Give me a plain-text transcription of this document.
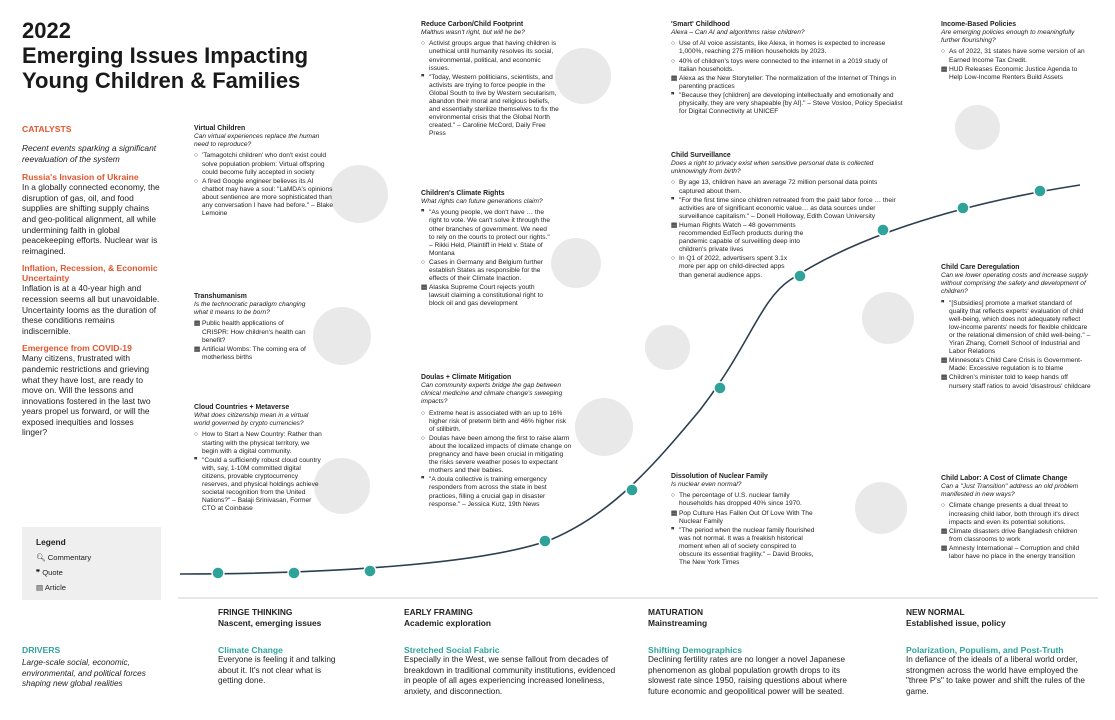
2022
Emerging Issues Impacting
Young Children & Families
CATALYSTS
Recent events sparking a significant reevaluation of the system
Russia's Invasion of Ukraine
In a globally connected economy, the disruption of gas, oil, and food supplies are shifting supply chains and geo-political alignment, all while undermining faith in global peacekeeping efforts. Nuclear war is reimagined.
Inflation, Recession, & Economic Uncertainty
Inflation is at a 40-year high and recession seems all but unavoidable. Uncertainty looms as the duration of these conditions remains indiscernible.
Emergence from COVID-19
Many citizens, frustrated with pandemic restrictions and grieving what they have lost, are ready to move on. Will the lessons and innovations fostered in the last two years propel us forward, or will the exposed inequities and losses linger?
Legend
🔍︎ Commentary
❞ Quote
▤ Article
Virtual Children
Can virtual experiences replace the human need to reproduce?
○ 'Tamagotchi children' who don't exist could solve population problem: Virtual offspring could become fully accepted in society
○ A fired Google engineer believes its AI chatbot may have a soul: "LaMDA's opinions about sentience are more sophisticated than any conversation I have had before." – Blake Lemoine
Transhumanism
Is the technocratic paradigm changing what it means to be born?
▤ Public health applications of CRISPR: How children's health can benefit?
▤ Artificial Wombs: The coming era of motherless births
Cloud Countries + Metaverse
What does citizenship mean in a virtual world governed by crypto currencies?
○ How to Start a New Country: Rather than starting with the physical territory, we begin with a digital community.
❞ "Could a sufficiently robust cloud country with, say, 1-10M committed digital citizens, provable cryptocurrency reserves, and physical holdings achieve societal recognition from the United Nations?" – Balaji Srinivasan, Former CTO at Coinbase
Reduce Carbon/Child Footprint
Malthus wasn't right, but will he be?
○ Activist groups argue that having children is unethical until humanity resolves its social, environmental, political, and economic issues.
❞ "Today, Western politicians, scientists, and activists are trying to force people in the Global South to live by Western secularism, abandon their moral and religious beliefs, and essentially sterilize themselves to fix the environmental crisis that the Global North created." – Caroline McCord, Daily Free Press
Children's Climate Rights
What rights can future generations claim?
❞ "As young people, we don't have … the right to vote. We can't solve it through the other branches of government. We need to rely on the courts to protect our rights." – Rikki Held, Plaintiff in Held v. State of Montana
○ Cases in Germany and Belgium further establish States as responsible for the effects of their Climate Inaction.
▤ Alaska Supreme Court rejects youth lawsuit claiming a constitutional right to block oil and gas development
Doulas + Climate Mitigation
Can community experts bridge the gap between clinical medicine and climate change's sweeping impacts?
○ Extreme heat is associated with an up to 16% higher risk of preterm birth and 46% higher risk of stillbirth.
○ Doulas have been among the first to raise alarm about the localized impacts of climate change on pregnancy and have been crucial in mitigating the risks severe weather poses to expectant mothers and their babies.
❞ "A doula collective is training emergency responders from across the state in best practices, filling a crucial gap in disaster response." – Jessica Kutz, 19th News
'Smart' Childhood
Alexa – Can AI and algorithms raise children?
○ Use of AI voice assistants, like Alexa, in homes is expected to increase 1,000%, reaching 275 million households by 2023.
○ 40% of children's toys were connected to the internet in a 2019 study of Italian households.
▤ Alexa as the New Storyteller: The normalization of the Internet of Things in parenting practices
❞ "Because they [children] are developing intellectually and emotionally and physically, they are very shapeable [by AI]." – Steve Vosloo, Policy Specialist for Digital Connectivity at UNICEF
Child Surveillance
Does a right to privacy exist when sensitive personal data is collected unknowingly from birth?
○ By age 13, children have an average 72 million personal data points captured about them.
❞ "For the first time since children retreated from the paid labor force … their activities are of significant economic value… as data sources under surveillance capitalism." – Donell Holloway, Edith Cowan University
▤ Human Rights Watch – 48 governments recommended EdTech products during the pandemic capable of surveilling deep into children's private lives
○ In Q1 of 2022, advertisers spent 3.1x more per app on child-directed apps than general audience apps.
Dissolution of Nuclear Family
Is nuclear even normal?
○ The percentage of U.S. nuclear family households has dropped 40% since 1970.
▤ Pop Culture Has Fallen Out Of Love With The Nuclear Family
❞ "The period when the nuclear family flourished was not normal. It was a freakish historical moment when all of society conspired to obscure its essential fragility." – David Brooks, The New York Times
Income-Based Policies
Are emerging policies enough to meaningfully further flourishing?
○ As of 2022, 31 states have some version of an Earned Income Tax Credit.
▤ HUD Releases Economic Justice Agenda to Help Low-Income Renters Build Assets
Child Care Deregulation
Can we lower operating costs and increase supply without comprising the safety and development of children?
❞ "[Subsidies] promote a market standard of quality that reflects experts' evaluation of child well-being, which does not adequately reflect low-income parents' needs for flexible childcare or the relational dimension of child well-being." – Yiran Zhang, Cornell School of Industrial and Labor Relations
▤ Minnesota's Child Care Crisis is Government-Made: Excessive regulation is to blame
▤ Children's minister told to keep hands off nursery staff ratios to avoid 'disastrous' childcare
Child Labor: A Cost of Climate Change
Can a "Just Transition" address an old problem manifested in new ways?
○ Climate change presents a dual threat to increasing child labor, both through it's direct impacts and even its potential solutions.
▤ Climate disasters drive Bangladesh children from classrooms to work
▤ Amnesty International – Corruption and child labor have no place in the energy transition
FRINGE THINKING
Nascent, emerging issues
EARLY FRAMING
Academic exploration
MATURATION
Mainstreaming
NEW NORMAL
Established issue, policy
DRIVERS
Large-scale social, economic, environmental, and political forces shaping new global realities
Climate Change
Everyone is feeling it and talking about it. It's not clear what is getting done.
Stretched Social Fabric
Especially in the West, we sense fallout from decades of breakdown in traditional community institutions, evidenced in people of all ages experiencing increased loneliness, anxiety, and disconnection.
Shifting Demographics
Declining fertility rates are no longer a novel Japanese phenomenon as global population growth drops to its slowest rate since 1950, raising questions about where future economic and geopolitical power will be seated.
Polarization, Populism, and Post-Truth
In defiance of the ideals of a liberal world order, strongmen across the world have employed the "three P's" to take power and shift the rules of the game.
